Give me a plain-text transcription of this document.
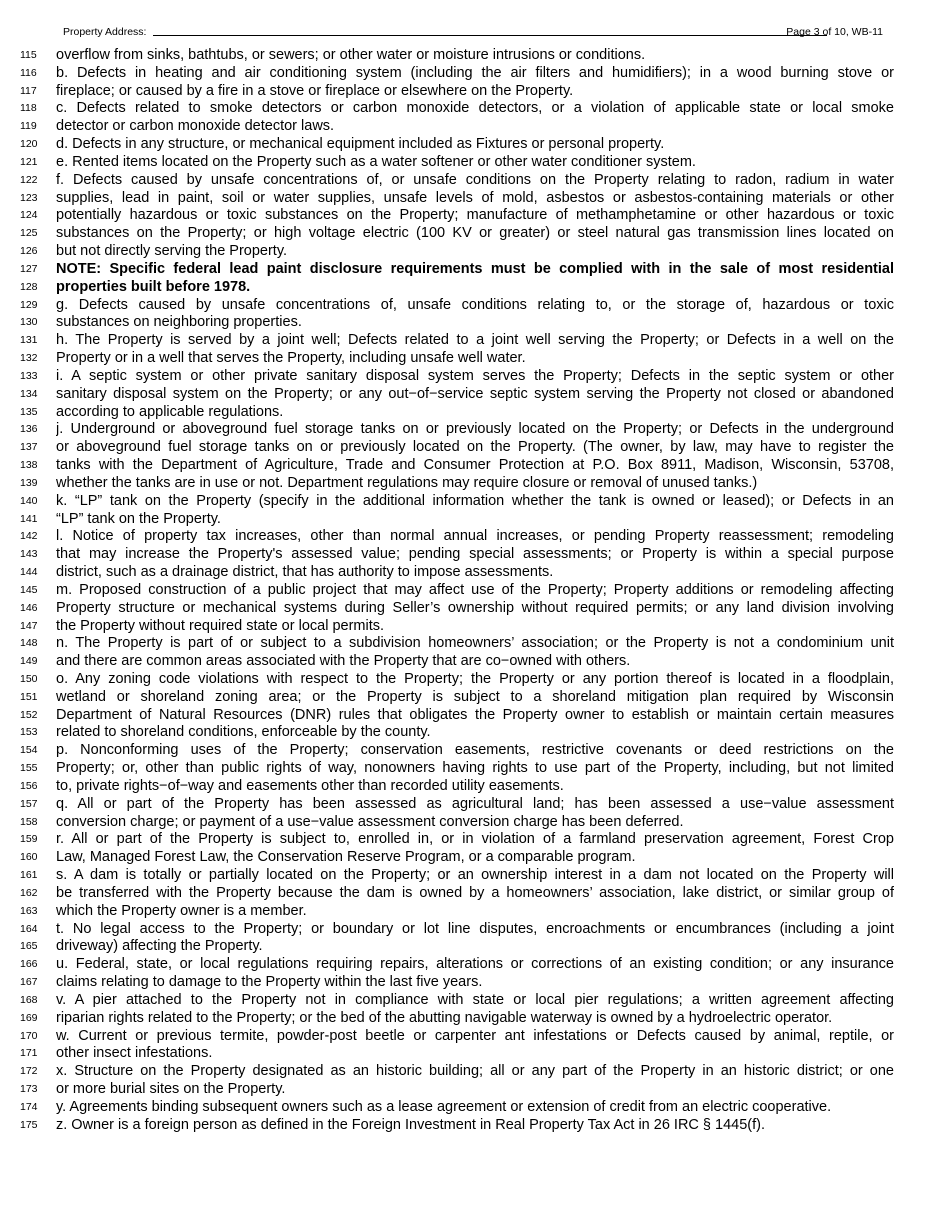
Property Address:	Page 3 of 10, WB-11
115	overflow from sinks, bathtubs, or sewers; or other water or moisture intrusions or conditions.
116	b. Defects in heating and air conditioning system (including the air filters and humidifiers); in a wood burning stove or
117	fireplace; or caused by a fire in a stove or fireplace or elsewhere on the Property.
118	c. Defects related to smoke detectors or carbon monoxide detectors, or a violation of applicable state or local smoke
119	detector or carbon monoxide detector laws.
120	d. Defects in any structure, or mechanical equipment included as Fixtures or personal property.
121	e. Rented items located on the Property such as a water softener or other water conditioner system.
122	f. Defects caused by unsafe concentrations of, or unsafe conditions on the Property relating to radon, radium in water
123	supplies, lead in paint, soil or water supplies, unsafe levels of mold, asbestos or asbestos-containing materials or other
124	potentially hazardous or toxic substances on the Property; manufacture of methamphetamine or other hazardous or toxic
125	substances on the Property; or high voltage electric (100 KV or greater) or steel natural gas transmission lines located on
126	but not directly serving the Property.
127	NOTE: Specific federal lead paint disclosure requirements must be complied with in the sale of most residential
128	properties built before 1978.
129	g. Defects caused by unsafe concentrations of, unsafe conditions relating to, or the storage of, hazardous or toxic
130	substances on neighboring properties.
131	h. The Property is served by a joint well; Defects related to a joint well serving the Property; or Defects in a well on the
132	Property or in a well that serves the Property, including unsafe well water.
133	i. A septic system or other private sanitary disposal system serves the Property; Defects in the septic system or other
134	sanitary disposal system on the Property; or any out−of−service septic system serving the Property not closed or abandoned
135	according to applicable regulations.
136	j. Underground or aboveground fuel storage tanks on or previously located on the Property; or Defects in the underground
137	or aboveground fuel storage tanks on or previously located on the Property. (The owner, by law, may have to register the
138	tanks with the Department of Agriculture, Trade and Consumer Protection at P.O. Box 8911, Madison, Wisconsin, 53708,
139	whether the tanks are in use or not. Department regulations may require closure or removal of unused tanks.)
140	k. “LP” tank on the Property (specify in the additional information whether the tank is owned or leased); or Defects in an
141	“LP” tank on the Property.
142	l. Notice of property tax increases, other than normal annual increases, or pending Property reassessment; remodeling
143	that may increase the Property's assessed value; pending special assessments; or Property is within a special purpose
144	district, such as a drainage district, that has authority to impose assessments.
145	m. Proposed construction of a public project that may affect use of the Property; Property additions or remodeling affecting
146	Property structure or mechanical systems during Seller’s ownership without required permits; or any land division involving
147	the Property without required state or local permits.
148	n. The Property is part of or subject to a subdivision homeowners’ association; or the Property is not a condominium unit
149	and there are common areas associated with the Property that are co−owned with others.
150	o. Any zoning code violations with respect to the Property; the Property or any portion thereof is located in a floodplain,
151	wetland or shoreland zoning area; or the Property is subject to a shoreland mitigation plan required by Wisconsin
152	Department of Natural Resources (DNR) rules that obligates the Property owner to establish or maintain certain measures
153	related to shoreland conditions, enforceable by the county.
154	p. Nonconforming uses of the Property; conservation easements, restrictive covenants or deed restrictions on the
155	Property; or, other than public rights of way, nonowners having rights to use part of the Property, including, but not limited
156	to, private rights−of−way and easements other than recorded utility easements.
157	q. All or part of the Property has been assessed as agricultural land; has been assessed a use−value assessment
158	conversion charge; or payment of a use−value assessment conversion charge has been deferred.
159	r. All or part of the Property is subject to, enrolled in, or in violation of a farmland preservation agreement, Forest Crop
160	Law, Managed Forest Law, the Conservation Reserve Program, or a comparable program.
161	s. A dam is totally or partially located on the Property; or an ownership interest in a dam not located on the Property will
162	be transferred with the Property because the dam is owned by a homeowners’ association, lake district, or similar group of
163	which the Property owner is a member.
164	t. No legal access to the Property; or boundary or lot line disputes, encroachments or encumbrances (including a joint
165	driveway) affecting the Property.
166	u. Federal, state, or local regulations requiring repairs, alterations or corrections of an existing condition; or any insurance
167	claims relating to damage to the Property within the last five years.
168	v. A pier attached to the Property not in compliance with state or local pier regulations; a written agreement affecting
169	riparian rights related to the Property; or the bed of the abutting navigable waterway is owned by a hydroelectric operator.
170	w. Current or previous termite, powder-post beetle or carpenter ant infestations or Defects caused by animal, reptile, or
171	other insect infestations.
172	x. Structure on the Property designated as an historic building; all or any part of the Property in an historic district; or one
173	or more burial sites on the Property.
174	y. Agreements binding subsequent owners such as a lease agreement or extension of credit from an electric cooperative.
175	z. Owner is a foreign person as defined in the Foreign Investment in Real Property Tax Act in 26 IRC § 1445(f).
